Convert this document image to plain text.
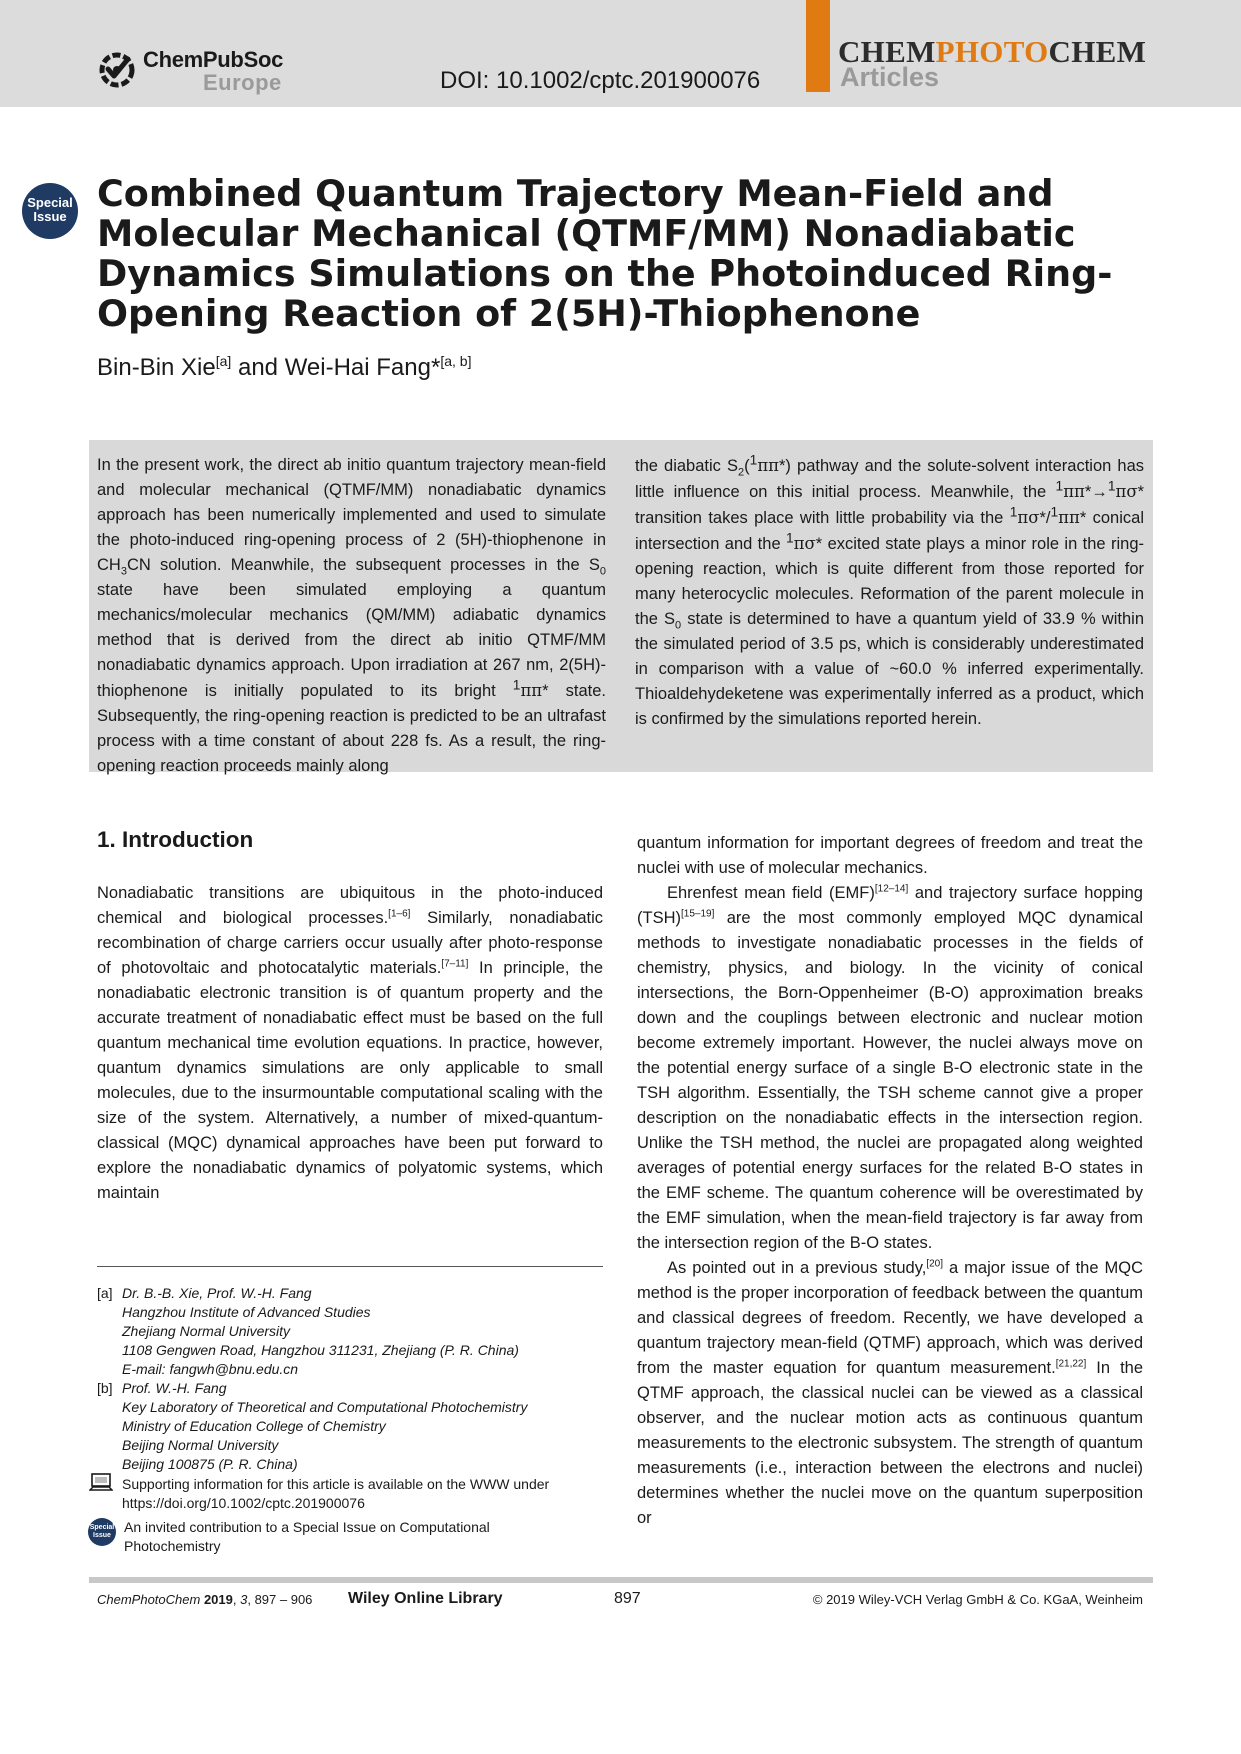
ChemPubSoc
Europe	DOI: 10.1002/cptc.201900076
CHEMPHOTOCHEM
Articles
Special
Issue
Combined Quantum Trajectory Mean-Field and Molecular Mechanical (QTMF/MM) Nonadiabatic Dynamics Simulations on the Photoinduced Ring-Opening Reaction of 2(5H)-Thiophenone
Bin-Bin Xie[a] and Wei-Hai Fang*[a, b]
In the present work, the direct ab initio quantum trajectory mean-field and molecular mechanical (QTMF/MM) nonadiabatic dynamics approach has been numerically implemented and used to simulate the photo-induced ring-opening process of 2 (5H)-thiophenone in $CH_3CN$ solution. Meanwhile, the subsequent processes in the $S_0$ state have been simulated employing a quantum mechanics/molecular mechanics (QM/MM) adiabatic dynamics method that is derived from the direct ab initio QTMF/MM nonadiabatic dynamics approach. Upon irradiation at 267 nm, 2(5H)-thiophenone is initially populated to its bright $^1$ππ* state. Subsequently, the ring-opening reaction is predicted to be an ultrafast process with a time constant of about 228 fs. As a result, the ring-opening reaction proceeds mainly along
the diabatic $S_2(^1\pi\pi*)$ pathway and the solute-solvent interaction has little influence on this initial process. Meanwhile, the $^1$ππ*→$^1$πσ* transition takes place with little probability via the $^1$πσ*/$^1$ππ* conical intersection and the $^1$πσ* excited state plays a minor role in the ring-opening reaction, which is quite different from those reported for many heterocyclic molecules. Reformation of the parent molecule in the $S_0$ state is determined to have a quantum yield of 33.9 % within the simulated period of 3.5 ps, which is considerably underestimated in comparison with a value of ~60.0 % inferred experimentally. Thioaldehydeketene was experimentally inferred as a product, which is confirmed by the simulations reported herein.
1. Introduction

Nonadiabatic transitions are ubiquitous in the photo-induced chemical and biological processes.[1–6] Similarly, nonadiabatic recombination of charge carriers occur usually after photo-response of photovoltaic and photocatalytic materials.[7–11] In principle, the nonadiabatic electronic transition is of quantum property and the accurate treatment of nonadiabatic effect must be based on the full quantum mechanical time evolution equations. In practice, however, quantum dynamics simulations are only applicable to small molecules, due to the insurmountable computational scaling with the size of the system. Alternatively, a number of mixed-quantum-classical (MQC) dynamical approaches have been put forward to explore the nonadiabatic dynamics of polyatomic systems, which maintain

quantum information for important degrees of freedom and treat the nuclei with use of molecular mechanics.

Ehrenfest mean field (EMF)[12–14] and trajectory surface hopping (TSH)[15–19] are the most commonly employed MQC dynamical methods to investigate nonadiabatic processes in the fields of chemistry, physics, and biology. In the vicinity of conical intersections, the Born-Oppenheimer (B-O) approximation breaks down and the couplings between electronic and nuclear motion become extremely important. However, the nuclei always move on the potential energy surface of a single B-O electronic state in the TSH algorithm. Essentially, the TSH scheme cannot give a proper description on the nonadiabatic effects in the intersection region. Unlike the TSH method, the nuclei are propagated along weighted averages of potential energy surfaces for the related B-O states in the EMF scheme. The quantum coherence will be overestimated by the EMF simulation, when the mean-field trajectory is far away from the intersection region of the B-O states.

As pointed out in a previous study,[20] a major issue of the MQC method is the proper incorporation of feedback between the quantum and classical degrees of freedom. Recently, we have developed a quantum trajectory mean-field (QTMF) approach, which was derived from the master equation for quantum measurement.[21,22] In the QTMF approach, the classical nuclei can be viewed as a classical observer, and the nuclear motion acts as continuous quantum measurements to the electronic subsystem. The strength of quantum measurements (i.e., interaction between the electrons and nuclei) determines whether the nuclei move on the quantum superposition or

[a] Dr. B.-B. Xie, Prof. W.-H. Fang
Hangzhou Institute of Advanced Studies
Zhejiang Normal University
1108 Gengwen Road, Hangzhou 311231, Zhejiang (P. R. China)
E-mail: fangwh@bnu.edu.cn
[b] Prof. W.-H. Fang
Key Laboratory of Theoretical and Computational Photochemistry
Ministry of Education College of Chemistry
Beijing Normal University
Beijing 100875 (P. R. China)
Supporting information for this article is available on the WWW under
https://doi.org/10.1002/cptc.201900076
Special
Issue
An invited contribution to a Special Issue on Computational
Photochemistry
ChemPhotoChem 2019, 3, 897 – 906 Wiley Online Library	897	© 2019 Wiley-VCH Verlag GmbH & Co. KGaA, Weinheim
